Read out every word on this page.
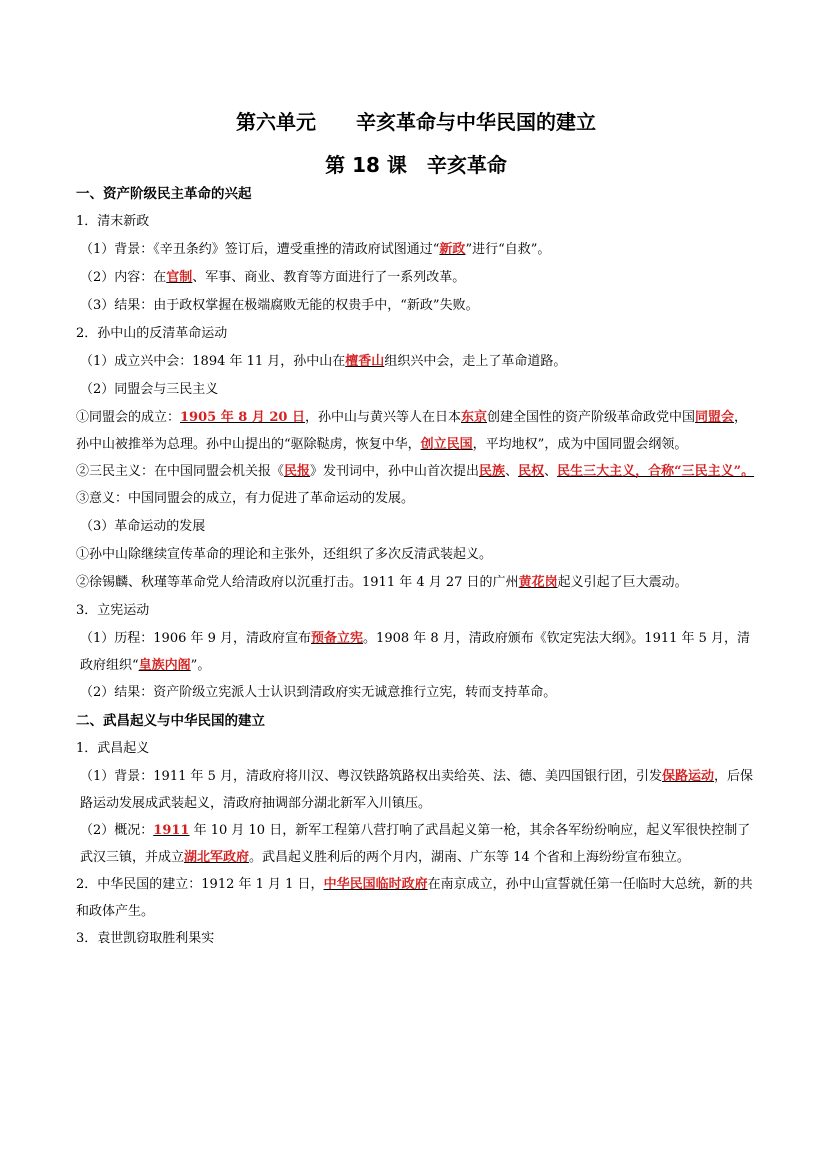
第六单元　　辛亥革命与中华民国的建立
第 18 课　辛亥革命

一、资产阶级民主革命的兴起

1．清末新政

（1）背景：《辛丑条约》签订后，遭受重挫的清政府试图通过“新政”进行“自救”。

（2）内容：在官制、军事、商业、教育等方面进行了一系列改革。

（3）结果：由于政权掌握在极端腐败无能的权贵手中，“新政”失败。

2．孙中山的反清革命运动

（1）成立兴中会：1894 年 11 月，孙中山在檀香山组织兴中会，走上了革命道路。

（2）同盟会与三民主义

①同盟会的成立：1905 年 8 月 20 日，孙中山与黄兴等人在日本东京创建全国性的资产阶级革命政党中国同盟会，孙中山被推举为总理。孙中山提出的“驱除鞑虏，恢复中华，创立民国，平均地权”，成为中国同盟会纲领。

②三民主义：在中国同盟会机关报《民报》发刊词中，孙中山首次提出民族、民权、民生三大主义，合称“三民主义”。

③意义：中国同盟会的成立，有力促进了革命运动的发展。

（3）革命运动的发展

①孙中山除继续宣传革命的理论和主张外，还组织了多次反清武装起义。

②徐锡麟、秋瑾等革命党人给清政府以沉重打击。1911 年 4 月 27 日的广州黄花岗起义引起了巨大震动。

3．立宪运动

（1）历程：1906 年 9 月，清政府宣布预备立宪。1908 年 8 月，清政府颁布《钦定宪法大纲》。1911 年 5 月，清政府组织“皇族内阁”。

（2）结果：资产阶级立宪派人士认识到清政府实无诚意推行立宪，转而支持革命。

二、武昌起义与中华民国的建立

1．武昌起义

（1）背景：1911 年 5 月，清政府将川汉、粤汉铁路筑路权出卖给英、法、德、美四国银行团，引发保路运动，后保路运动发展成武装起义，清政府抽调部分湖北新军入川镇压。

（2）概况：1911 年 10 月 10 日，新军工程第八营打响了武昌起义第一枪，其余各军纷纷响应，起义军很快控制了武汉三镇，并成立湖北军政府。武昌起义胜利后的两个月内，湖南、广东等 14 个省和上海纷纷宣布独立。

2．中华民国的建立：1912 年 1 月 1 日，中华民国临时政府在南京成立，孙中山宣誓就任第一任临时大总统，新的共和政体产生。

3．袁世凯窃取胜利果实
